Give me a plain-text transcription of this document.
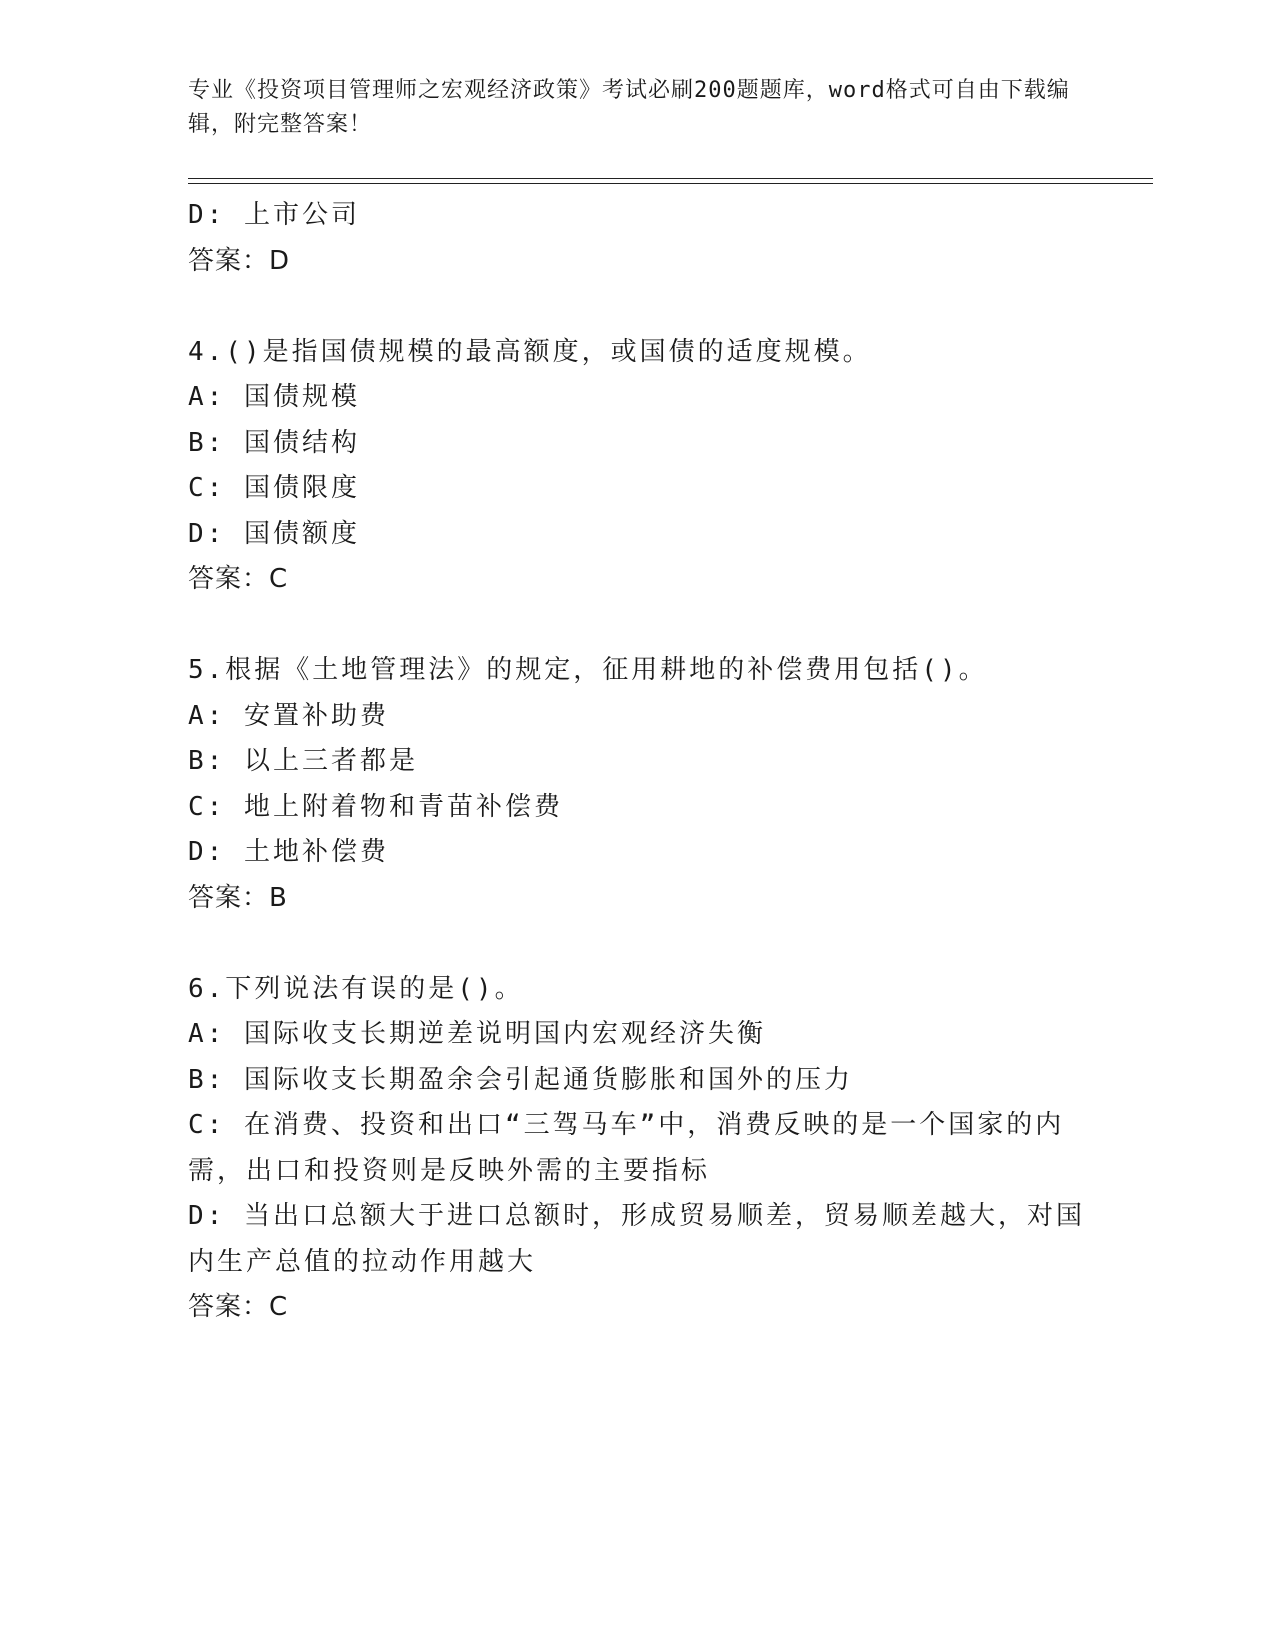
专业《投资项目管理师之宏观经济政策》考试必刷200题题库，word格式可自由下载编辑，附完整答案！
D: 上市公司
答案：D
4.()是指国债规模的最高额度，或国债的适度规模。
A: 国债规模
B: 国债结构
C: 国债限度
D: 国债额度
答案：C
5.根据《土地管理法》的规定，征用耕地的补偿费用包括()。
A: 安置补助费
B: 以上三者都是
C: 地上附着物和青苗补偿费
D: 土地补偿费
答案：B
6.下列说法有误的是()。
A: 国际收支长期逆差说明国内宏观经济失衡
B: 国际收支长期盈余会引起通货膨胀和国外的压力
C: 在消费、投资和出口“三驾马车”中，消费反映的是一个国家的内需，出口和投资则是反映外需的主要指标
D: 当出口总额大于进口总额时，形成贸易顺差，贸易顺差越大，对国内生产总值的拉动作用越大
答案：C
